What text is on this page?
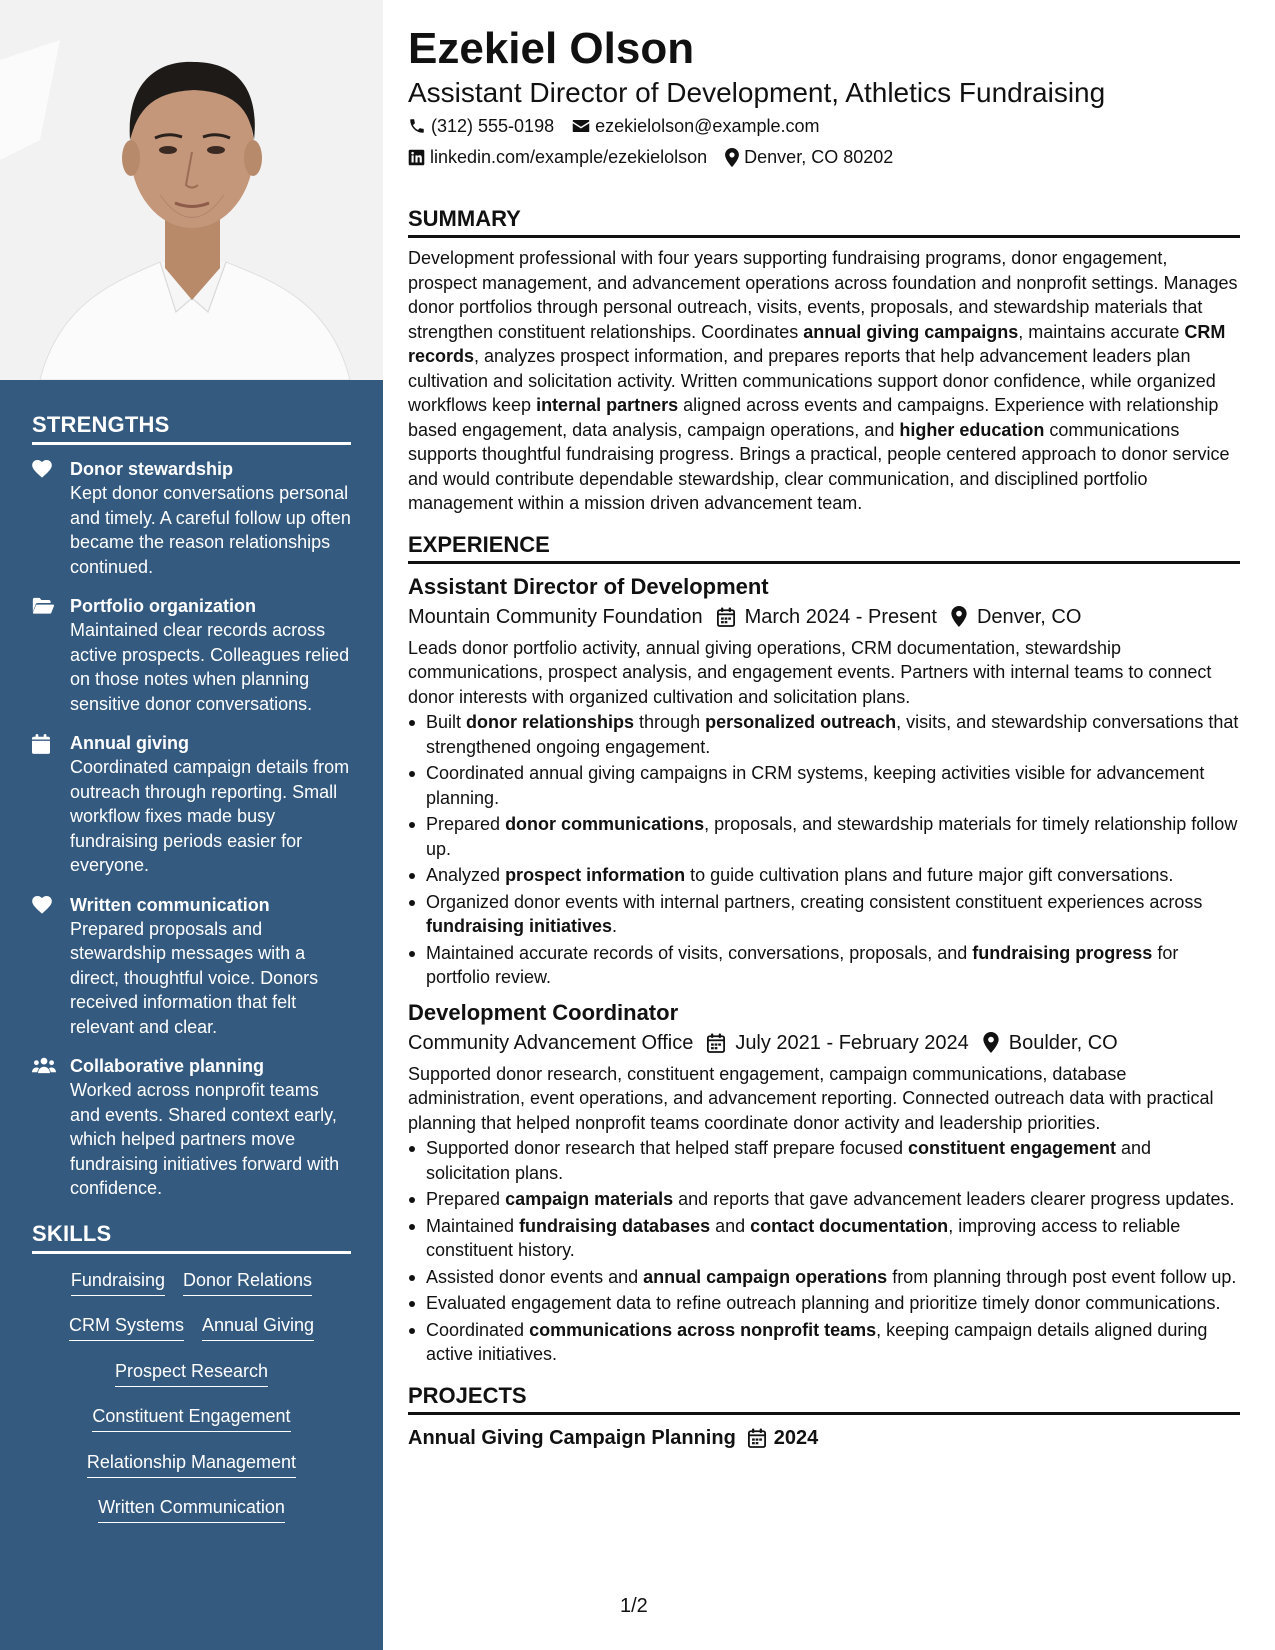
STRENGTHS
Donor stewardship
Kept donor conversations personal and timely. A careful follow up often became the reason relationships continued.
Portfolio organization
Maintained clear records across active prospects. Colleagues relied on those notes when planning sensitive donor conversations.
Annual giving
Coordinated campaign details from outreach through reporting. Small workflow fixes made busy fundraising periods easier for everyone.
Written communication
Prepared proposals and stewardship messages with a direct, thoughtful voice. Donors received information that felt relevant and clear.
Collaborative planning
Worked across nonprofit teams and events. Shared context early, which helped partners move fundraising initiatives forward with confidence.
SKILLS
Fundraising Donor Relations
CRM Systems Annual Giving
Prospect Research
Constituent Engagement
Relationship Management
Written Communication
Ezekiel Olson
Assistant Director of Development, Athletics Fundraising
(312) 555-0198 ezekielolson@example.com
linkedin.com/example/ezekielolson Denver, CO 80202
SUMMARY
Development professional with four years supporting fundraising programs, donor engagement, prospect management, and advancement operations across foundation and nonprofit settings. Manages donor portfolios through personal outreach, visits, events, proposals, and stewardship materials that strengthen constituent relationships. Coordinates annual giving campaigns, maintains accurate CRM records, analyzes prospect information, and prepares reports that help advancement leaders plan cultivation and solicitation activity. Written communications support donor confidence, while organized workflows keep internal partners aligned across events and campaigns. Experience with relationship based engagement, data analysis, campaign operations, and higher education communications supports thoughtful fundraising progress. Brings a practical, people centered approach to donor service and would contribute dependable stewardship, clear communication, and disciplined portfolio management within a mission driven advancement team.
EXPERIENCE
Assistant Director of Development
Mountain Community Foundation March 2024 - Present Denver, CO
Leads donor portfolio activity, annual giving operations, CRM documentation, stewardship communications, prospect analysis, and engagement events. Partners with internal teams to connect donor interests with organized cultivation and solicitation plans.
Built donor relationships through personalized outreach, visits, and stewardship conversations that strengthened ongoing engagement.
Coordinated annual giving campaigns in CRM systems, keeping activities visible for advancement planning.
Prepared donor communications, proposals, and stewardship materials for timely relationship follow up.
Analyzed prospect information to guide cultivation plans and future major gift conversations.
Organized donor events with internal partners, creating consistent constituent experiences across fundraising initiatives.
Maintained accurate records of visits, conversations, proposals, and fundraising progress for portfolio review.
Development Coordinator
Community Advancement Office July 2021 - February 2024 Boulder, CO
Supported donor research, constituent engagement, campaign communications, database administration, event operations, and advancement reporting. Connected outreach data with practical planning that helped nonprofit teams coordinate donor activity and leadership priorities.
Supported donor research that helped staff prepare focused constituent engagement and solicitation plans.
Prepared campaign materials and reports that gave advancement leaders clearer progress updates.
Maintained fundraising databases and contact documentation, improving access to reliable constituent history.
Assisted donor events and annual campaign operations from planning through post event follow up.
Evaluated engagement data to refine outreach planning and prioritize timely donor communications.
Coordinated communications across nonprofit teams, keeping campaign details aligned during active initiatives.
PROJECTS
Annual Giving Campaign Planning 2024
1/2
